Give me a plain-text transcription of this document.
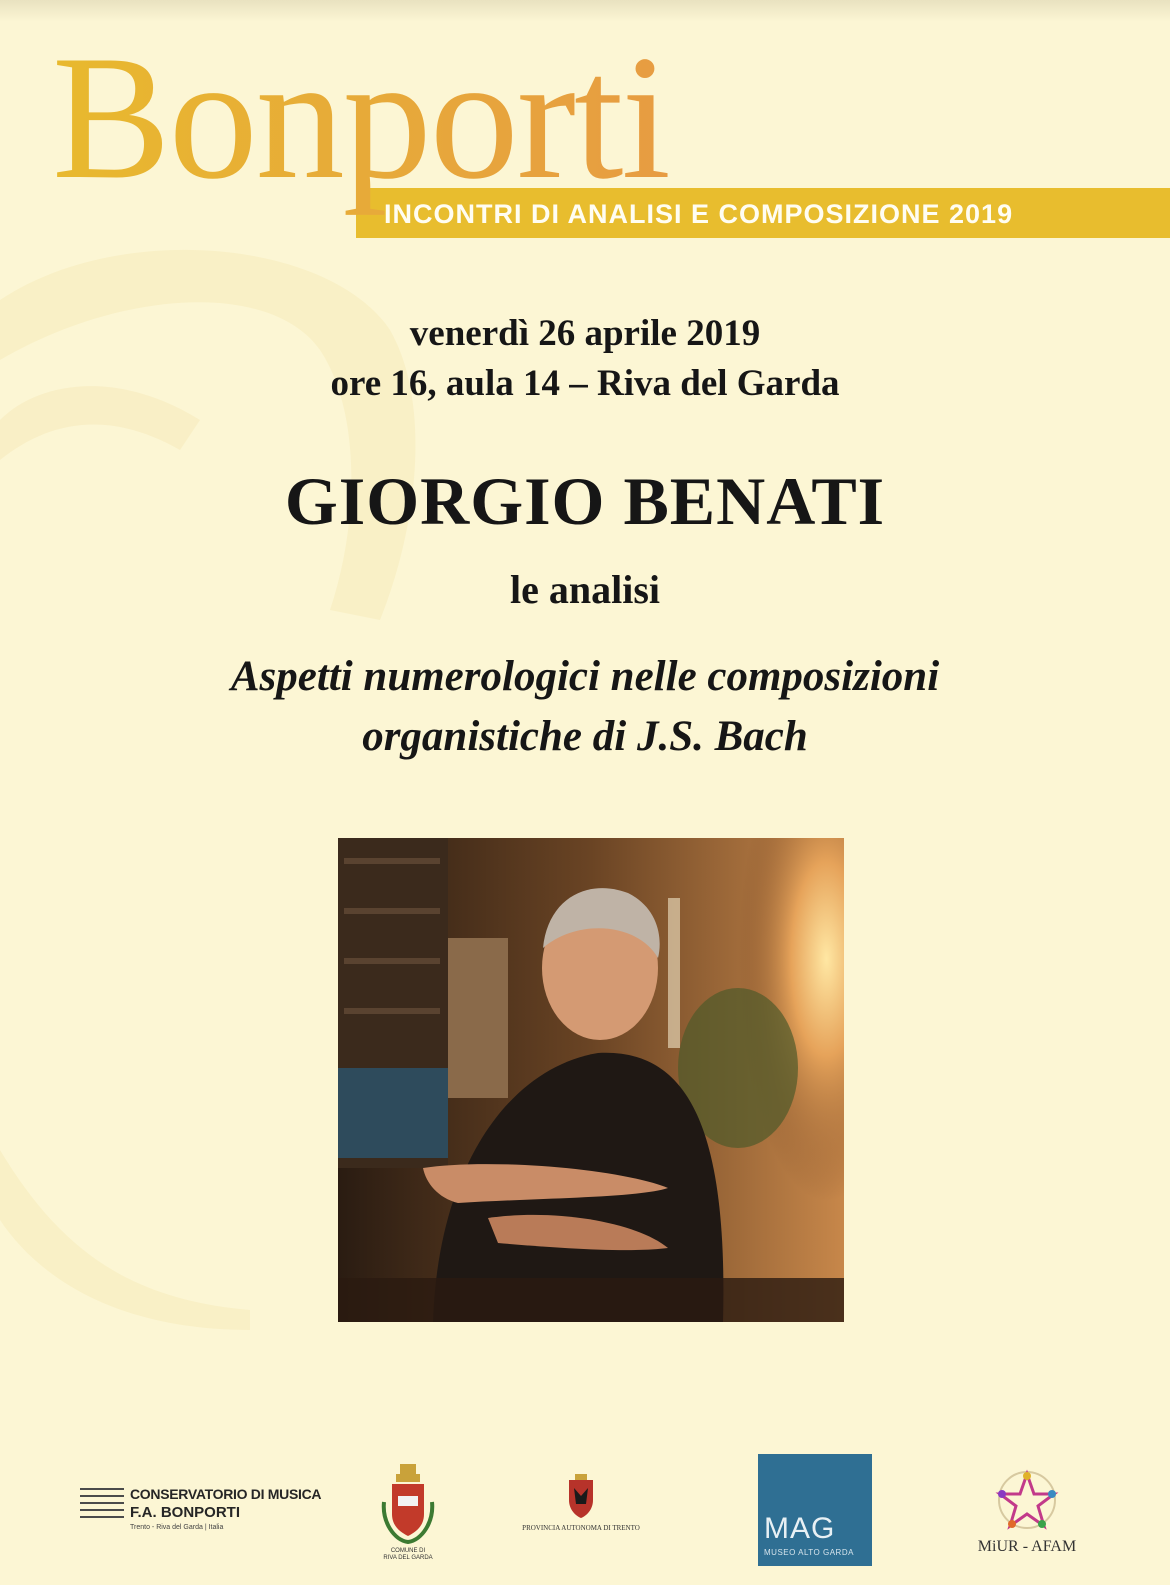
Bonporti
INCONTRI DI ANALISI E COMPOSIZIONE 2019
venerdì 26 aprile 2019
ore 16, aula 14 – Riva del Garda
GIORGIO BENATI
le analisi
Aspetti numerologici nelle composizioni
organistiche di J.S. Bach
CONSERVATORIO DI MUSICA
F.A. BONPORTI
Trento - Riva del Garda | Italia
COMUNE DI
RIVA DEL GARDA
PROVINCIA AUTONOMA DI TRENTO	MAG
MUSEO ALTO GARDA	MiUR - AFAM
